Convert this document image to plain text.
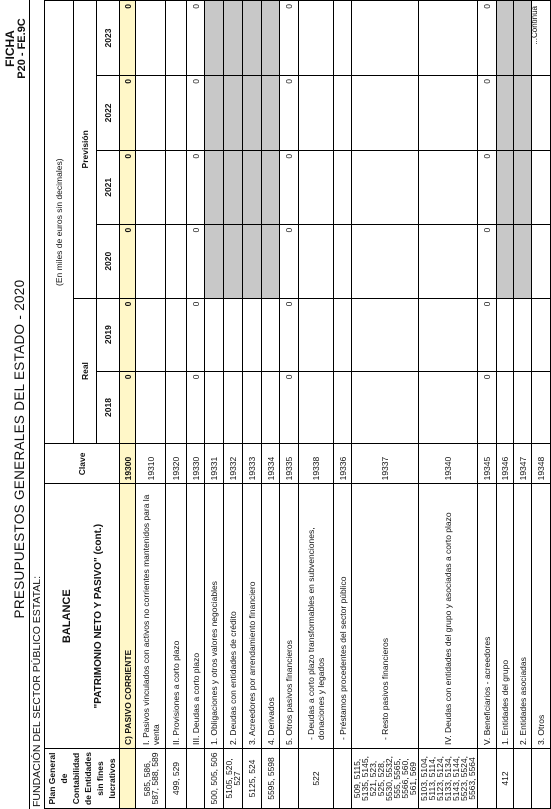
PRESUPUESTOS GENERALES DEL ESTADO - 2020
FICHA P20 - FE.9C
FUNDACIÓN DEL SECTOR PÚBLICO ESTATAL: Plan General de Contabilidad de Entidades sin fines lucrativos	BALANCE "PATRIMONIO NETO Y PASIVO" (cont.)	Clave	(En miles de euros sin decimales)					
			Real		Previsión			
			2018	2019	2020	2021	2022	2023
	C) PASIVO CORRIENTE	19300	0	0	0	0	0	0
585, 586, 587, 588, 589	I. Pasivos vinculados con activos no corrientes mantenidos para la venta	19310						
499, 529	II. Provisiones a corto plazo	19320						
	III. Deudas a corto plazo	19330	0	0	0	0	0	0
500, 505, 506	1. Obligaciones y otros valores negociables	19331						
5105, 520, 527	2. Deudas con entidades de crédito	19332						
5125, 524	3. Acreedores por arrendamiento financiero	19333						
5595, 5598	4. Derivados	19334						
	5. Otros pasivos financieros	19335	0	0	0	0	0	0
522	- Deudas a corto plazo transformables en subvenciones, donaciones y legados	19338						
	- Préstamos procedentes del sector público	19336						
509, 5115, 5135, 5145, 521, 523, 525, 528, 5530, 5532, 555, 5565, 5566, 560, 561, 569	- Resto pasivos financieros	19337						
5103, 5104, 5113, 5114, 5123, 5124, 5133, 5134, 5143, 5144, 5523, 5524, 5563, 5564	IV. Deudas con entidades del grupo y asociadas a corto plazo	19340						
	V. Beneficiarios - acreedores	19345	0	0	0	0	0	0
412	1. Entidades del grupo	19346						
	2. Entidades asociadas	19347						
	3. Otros	19348						
...Continúa
